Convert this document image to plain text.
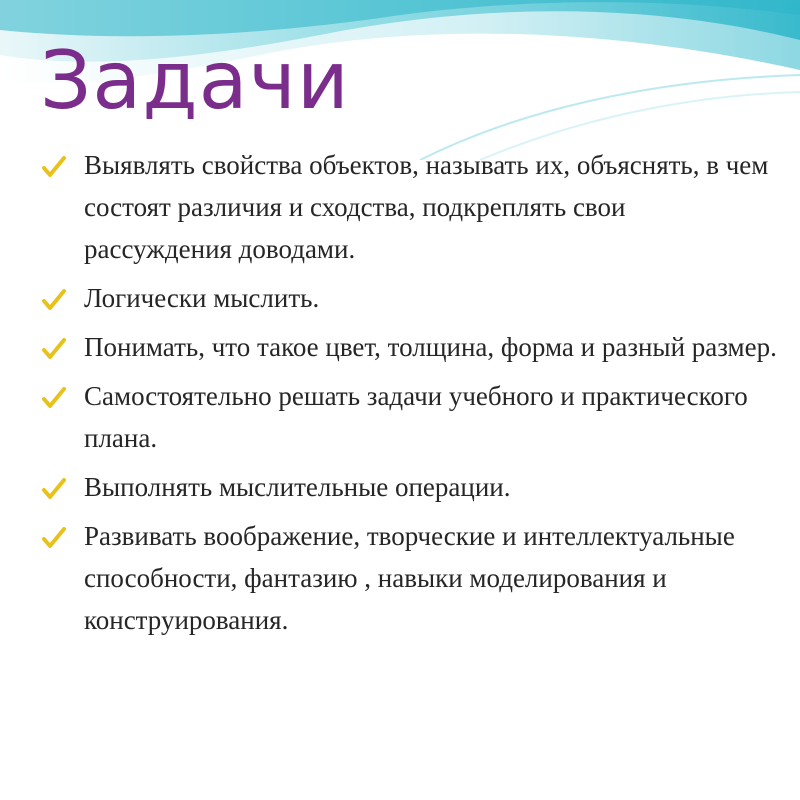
Задачи
Выявлять свойства объектов, называть их, объяснять, в чем состоят различия и сходства, подкреплять свои рассуждения доводами.
Логически мыслить.
Понимать, что такое цвет, толщина, форма и разный размер.
Самостоятельно решать задачи учебного и практического плана.
Выполнять мыслительные операции.
Развивать воображение, творческие и интеллектуальные способности, фантазию , навыки моделирования и конструирования.
